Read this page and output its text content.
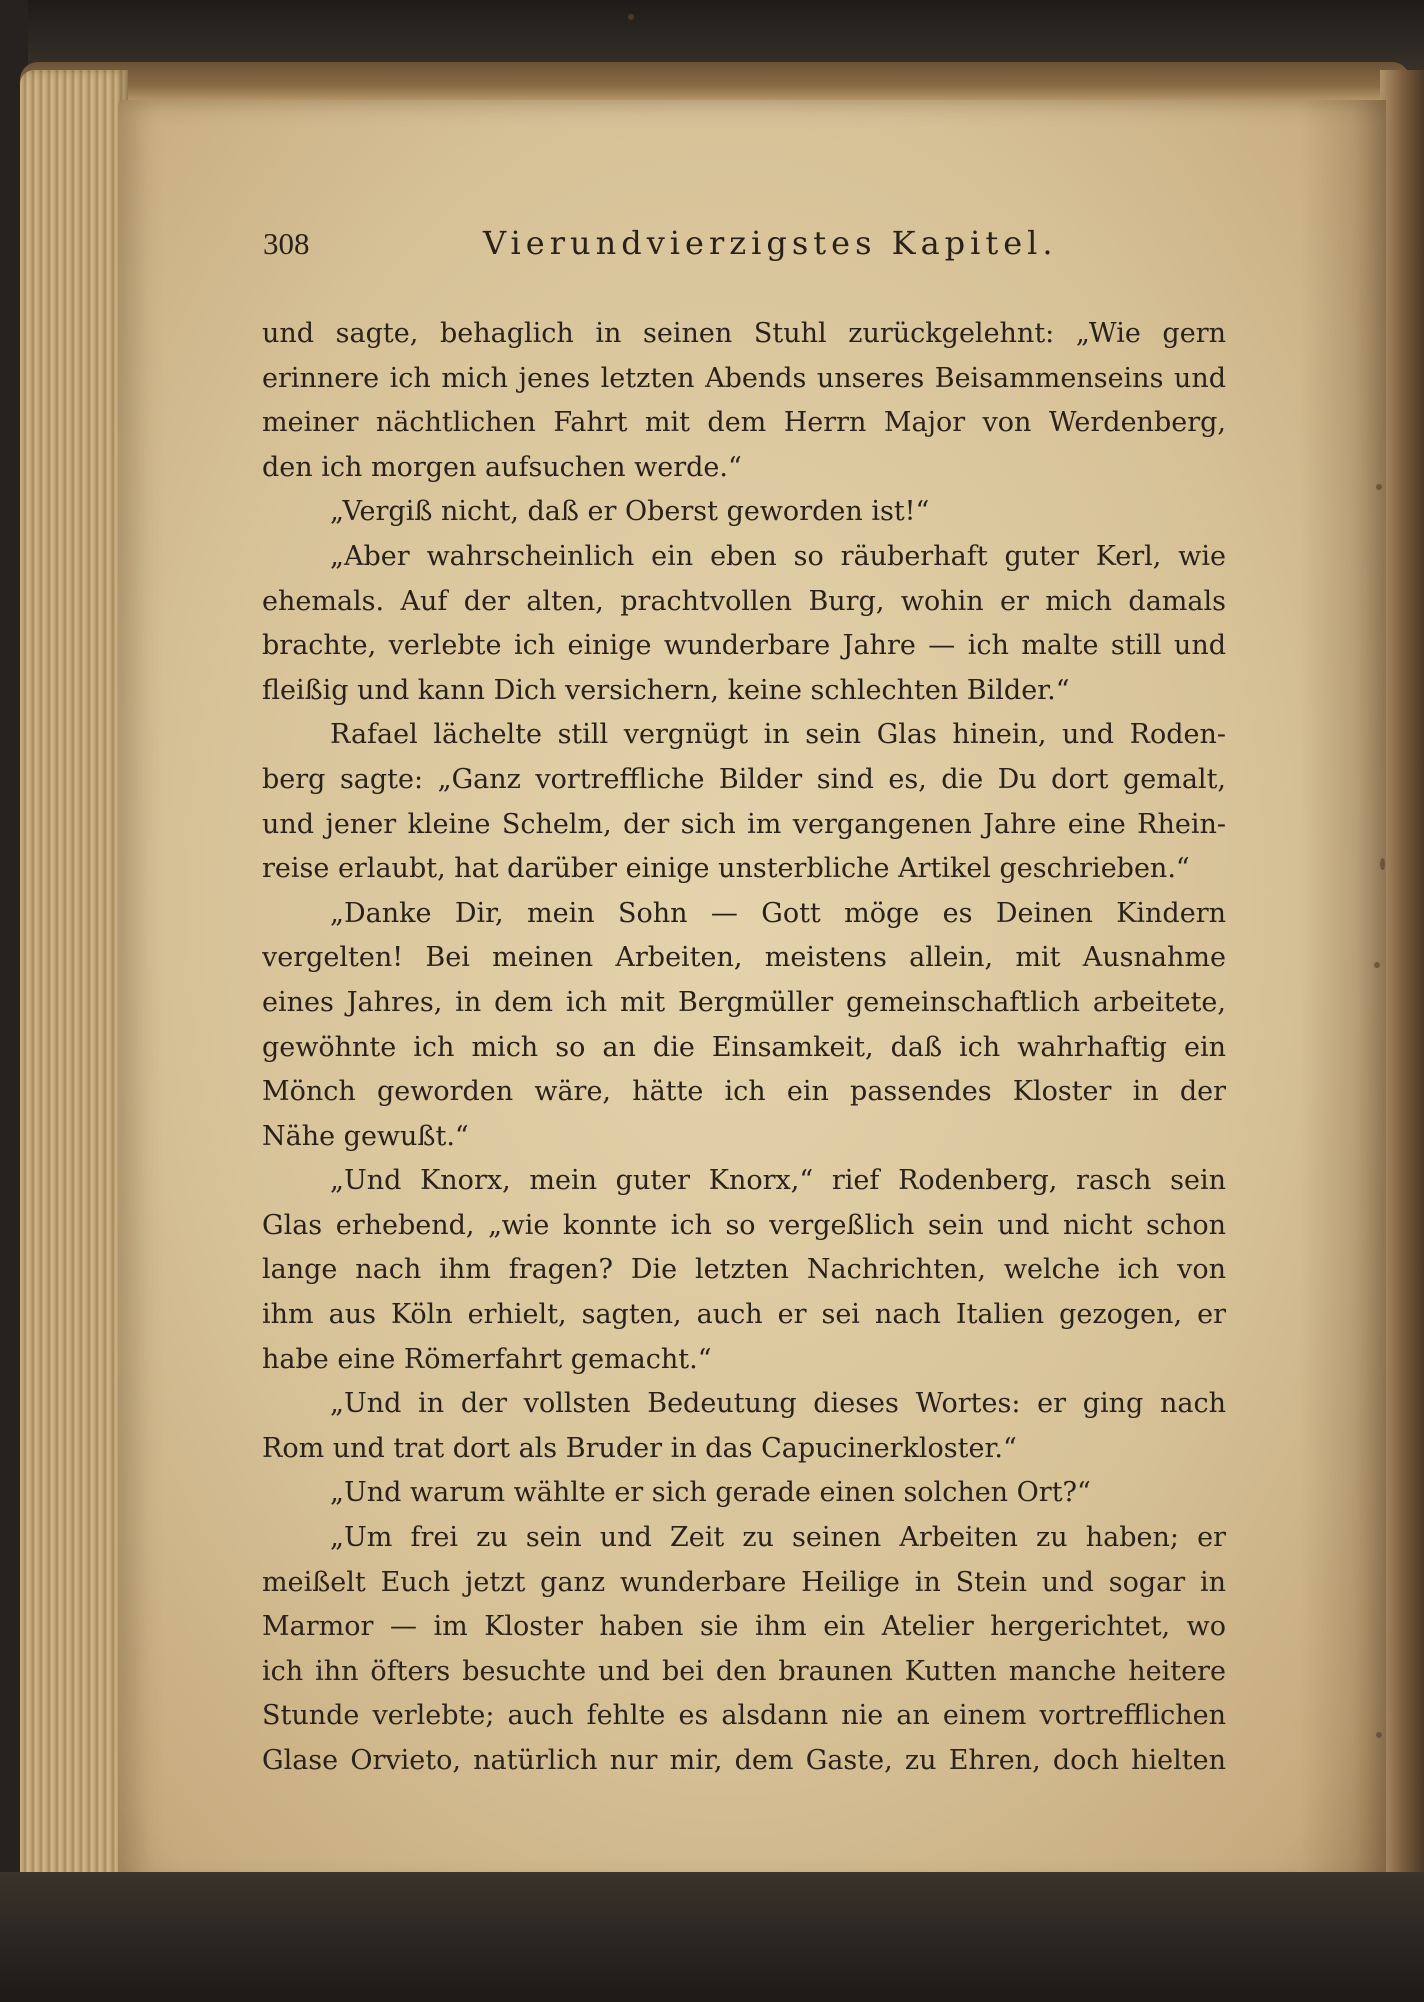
308	Vierundvierzigstes Kapitel.
und sagte, behaglich in seinen Stuhl zurückgelehnt: „Wie gern
erinnere ich mich jenes letzten Abends unseres Beisammenseins und
meiner nächtlichen Fahrt mit dem Herrn Major von Werdenberg,
den ich morgen aufsuchen werde.“
„Vergiß nicht, daß er Oberst geworden ist!“
„Aber wahrscheinlich ein eben so räuberhaft guter Kerl, wie
ehemals. Auf der alten, prachtvollen Burg, wohin er mich damals
brachte, verlebte ich einige wunderbare Jahre — ich malte still und
fleißig und kann Dich versichern, keine schlechten Bilder.“
Rafael lächelte still vergnügt in sein Glas hinein, und Roden-
berg sagte: „Ganz vortreffliche Bilder sind es, die Du dort gemalt,
und jener kleine Schelm, der sich im vergangenen Jahre eine Rhein-
reise erlaubt, hat darüber einige unsterbliche Artikel geschrieben.“
„Danke Dir, mein Sohn — Gott möge es Deinen Kindern
vergelten! Bei meinen Arbeiten, meistens allein, mit Ausnahme
eines Jahres, in dem ich mit Bergmüller gemeinschaftlich arbeitete,
gewöhnte ich mich so an die Einsamkeit, daß ich wahrhaftig ein
Mönch geworden wäre, hätte ich ein passendes Kloster in der
Nähe gewußt.“
„Und Knorx, mein guter Knorx,“ rief Rodenberg, rasch sein
Glas erhebend, „wie konnte ich so vergeßlich sein und nicht schon
lange nach ihm fragen? Die letzten Nachrichten, welche ich von
ihm aus Köln erhielt, sagten, auch er sei nach Italien gezogen, er
habe eine Römerfahrt gemacht.“
„Und in der vollsten Bedeutung dieses Wortes: er ging nach
Rom und trat dort als Bruder in das Capucinerkloster.“
„Und warum wählte er sich gerade einen solchen Ort?“
„Um frei zu sein und Zeit zu seinen Arbeiten zu haben; er
meißelt Euch jetzt ganz wunderbare Heilige in Stein und sogar in
Marmor — im Kloster haben sie ihm ein Atelier hergerichtet, wo
ich ihn öfters besuchte und bei den braunen Kutten manche heitere
Stunde verlebte; auch fehlte es alsdann nie an einem vortrefflichen
Glase Orvieto, natürlich nur mir, dem Gaste, zu Ehren, doch hielten
